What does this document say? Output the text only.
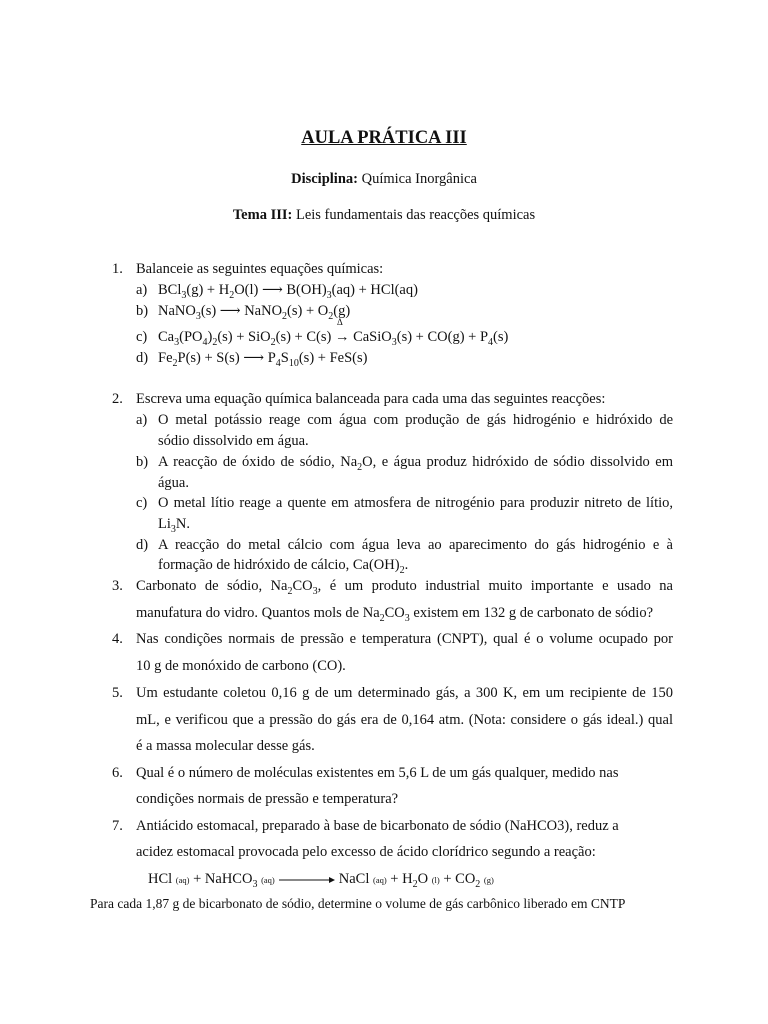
AULA PRÁTICA III
Disciplina: Química Inorgânica
Tema III: Leis fundamentais das reacções químicas
1. Balanceie as seguintes equações químicas:
a) $BCl_3(g) + H_2O(l)$ ⟶ $B(OH)_3(aq) + HCl(aq)$
b) NaNO$_3$(s) ⟶ NaNO$_2$(s) + $O_2(g)$
c) $Ca_3(PO_4)_2(s) + SiO_2(s) + C(s)$
Δ
→ CaSiO$_3$(s) + $CO(g) + P_4(s)$
d) $Fe_2P(s) + S(s)$ ⟶ $P_4S_{10}(s) + FeS(s)$
2. Escreva uma equação química balanceada para cada uma das seguintes reacções:
a) O metal potássio reage com água com produção de gás hidrogénio e hidróxido de
sódio dissolvido em água.
b) A reacção de óxido de sódio, $Na_2O$, e água produz hidróxido de sódio dissolvido em
água.
c) O metal lítio reage a quente em atmosfera de nitrogénio para produzir nitreto de lítio,
$Li_3N$.
d) A reacção do metal cálcio com água leva ao aparecimento do gás hidrogénio e à
formação de hidróxido de cálcio, $Ca(OH)_2$.
3. Carbonato de sódio, $Na_2CO_3$, é um produto industrial muito importante e usado na
manufatura do vidro. Quantos mols de $Na_2CO_3$ existem em 132 g de carbonato de sódio?
4. Nas condições normais de pressão e temperatura (CNPT), qual é o volume ocupado por
10 g de monóxido de carbono (CO).
5. Um estudante coletou 0,16 g de um determinado gás, a 300 K, em um recipiente de 150
mL, e verificou que a pressão do gás era de 0,164 atm. (Nota: considere o gás ideal.) qual
é a massa molecular desse gás.
6. Qual é o número de moléculas existentes em 5,6 L de um gás qualquer, medido nas
condições normais de pressão e temperatura?
7. Antiácido estomacal, preparado à base de bicarbonato de sódio (NaHCO3), reduz a
acidez estomacal provocada pelo excesso de ácido clorídrico segundo a reação:
HCl (aq) + NaHCO$_3$ (aq) → NaCl $(aq) + H_2O$ $(l) + CO_2$ (g)
Para cada 1,87 g de bicarbonato de sódio, determine o volume de gás carbônico liberado em CNTP
